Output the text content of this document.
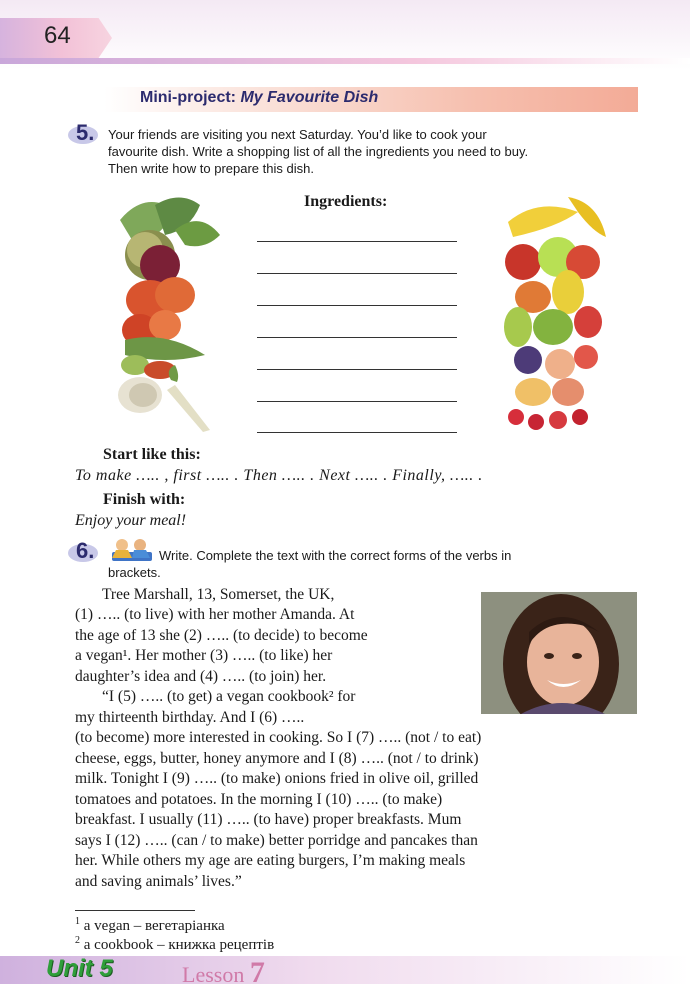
64
Mini-project: My Favourite Dish
5. Your friends are visiting you next Saturday. You’d like to cook your
favourite dish. Write a shopping list of all the ingredients you need to buy.
Then write how to prepare this dish.
Ingredients:
Start like this:
To make ….. , first ….. . Then ….. . Next ….. . Finally, ….. .
Finish with:
Enjoy your meal!
6.	Write. Complete the text with the correct forms of the verbs in
brackets.
Tree Marshall, 13, Somerset, the UK,
(1) ….. (to live) with her mother Amanda. At
the age of 13 she (2) ….. (to decide) to become
a vegan¹. Her mother (3) ….. (to like) her
daughter’s idea and (4) ….. (to join) her.
“I (5) ….. (to get) a vegan cookbook² for
my thirteenth birthday. And I (6) …..
(to become) more interested in cooking. So I (7) ….. (not / to eat)
cheese, eggs, butter, honey anymore and I (8) ….. (not / to drink)
milk. Tonight I (9) ….. (to make) onions fried in olive oil, grilled
tomatoes and potatoes. In the morning I (10) ….. (to make)
breakfast. I usually (11) ….. (to have) proper breakfasts. Mum
says I (12) ….. (can / to make) better porridge and pancakes than
her. While others my age are eating burgers, I’m making meals
and saving animals’ lives.”
$^1$ a vegan – вегетаріанка
$^2$ a cookbook – книжка рецептів
Unit 5	Lesson 7
